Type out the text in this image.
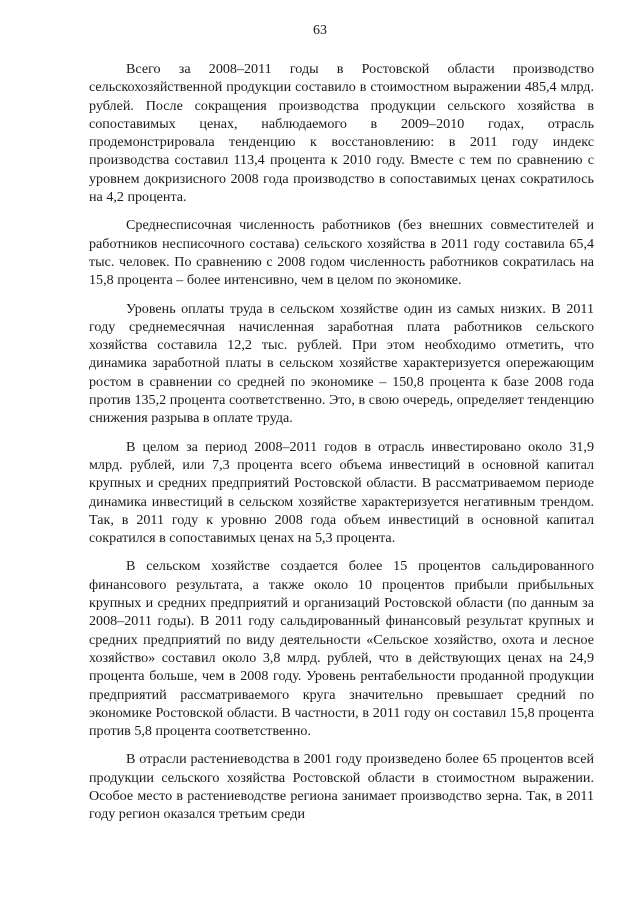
63

Всего за 2008–2011 годы в Ростовской области производство сельскохозяйственной продукции составило в стоимостном выражении 485,4 млрд. рублей. После сокращения производства продукции сельского хозяйства в сопоставимых ценах, наблюдаемого в 2009–2010 годах, отрасль продемонстрировала тенденцию к восстановлению: в 2011 году индекс производства составил 113,4 процента к 2010 году. Вместе с тем по сравнению с уровнем докризисного 2008 года производство в сопоставимых ценах сократилось на 4,2 процента.

Среднесписочная численность работников (без внешних совместителей и работников несписочного состава) сельского хозяйства в 2011 году составила 65,4 тыс. человек. По сравнению с 2008 годом численность работников сократилась на 15,8 процента – более интенсивно, чем в целом по экономике.

Уровень оплаты труда в сельском хозяйстве один из самых низких. В 2011 году среднемесячная начисленная заработная плата работников сельского хозяйства составила 12,2 тыс. рублей. При этом необходимо отметить, что динамика заработной платы в сельском хозяйстве характеризуется опережающим ростом в сравнении со средней по экономике – 150,8 процента к базе 2008 года против 135,2 процента соответственно. Это, в свою очередь, определяет тенденцию снижения разрыва в оплате труда.

В целом за период 2008–2011 годов в отрасль инвестировано около 31,9 млрд. рублей, или 7,3 процента всего объема инвестиций в основной капитал крупных и средних предприятий Ростовской области. В рассматриваемом периоде динамика инвестиций в сельском хозяйстве характеризуется негативным трендом. Так, в 2011 году к уровню 2008 года объем инвестиций в основной капитал сократился в сопоставимых ценах на 5,3 процента.

В сельском хозяйстве создается более 15 процентов сальдированного финансового результата, а также около 10 процентов прибыли прибыльных крупных и средних предприятий и организаций Ростовской области (по данным за 2008–2011 годы). В 2011 году сальдированный финансовый результат крупных и средних предприятий по виду деятельности «Сельское хозяйство, охота и лесное хозяйство» составил около 3,8 млрд. рублей, что в действующих ценах на 24,9 процента больше, чем в 2008 году. Уровень рентабельности проданной продукции предприятий рассматриваемого круга значительно превышает средний по экономике Ростовской области. В частности, в 2011 году он составил 15,8 процента против 5,8 процента соответственно.

В отрасли растениеводства в 2001 году произведено более 65 процентов всей продукции сельского хозяйства Ростовской области в стоимостном выражении. Особое место в растениеводстве региона занимает производство зерна. Так, в 2011 году регион оказался третьим среди
